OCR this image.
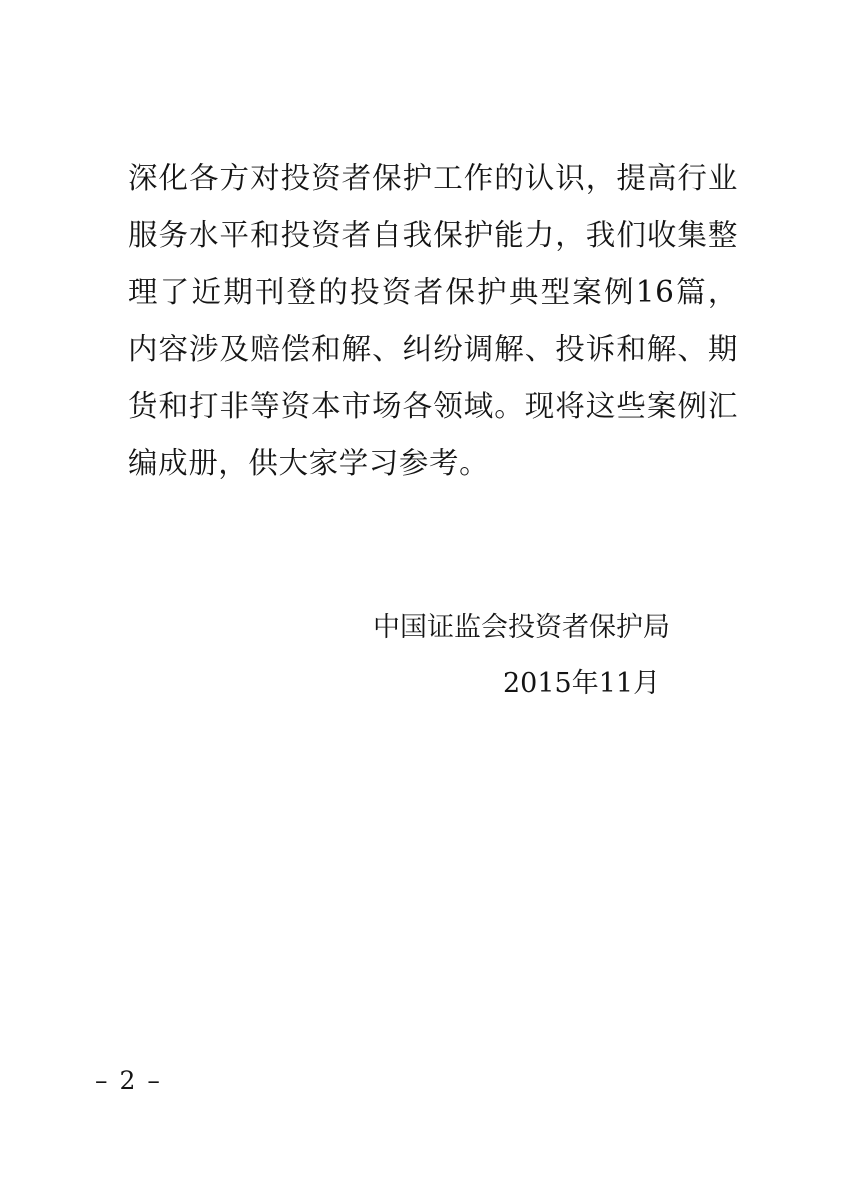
深化各方对投资者保护工作的认识，提高行业服务水平和投资者自我保护能力，我们收集整理了近期刊登的投资者保护典型案例16篇，内容涉及赔偿和解、纠纷调解、投诉和解、期货和打非等资本市场各领域。现将这些案例汇编成册，供大家学习参考。
中国证监会投资者保护局
2015年11月
– 2 –
